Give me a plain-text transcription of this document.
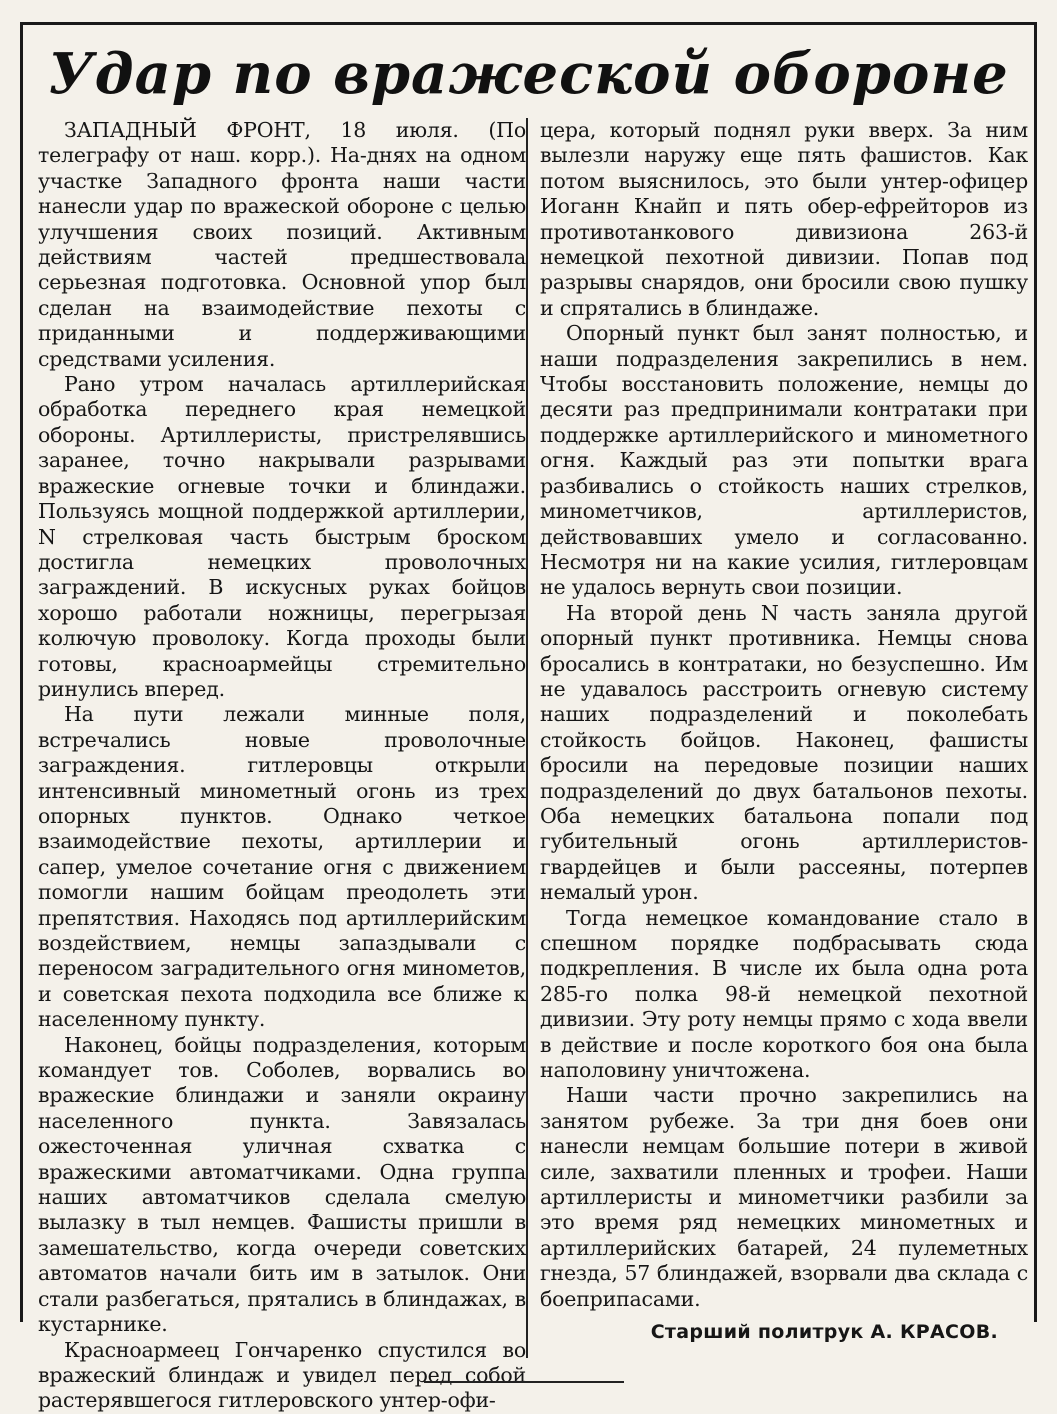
Удар по вражеской обороне

ЗАПАДНЫЙ ФРОНТ, 18 июля. (По телеграфу от наш. корр.). На-днях на одном участке Западного фронта наши части нанесли удар по вражеской обороне с целью улучшения своих позиций. Активным действиям частей предшествовала серьезная подготовка. Основной упор был сделан на взаимодействие пехоты с приданными и поддерживающими средствами усиления.

Рано утром началась артиллерийская обработка переднего края немецкой обороны. Артиллеристы, пристрелявшись заранее, точно накрывали разрывами вражеские огневые точки и блиндажи. Пользуясь мощной поддержкой артиллерии, N стрелковая часть быстрым броском достигла немецких проволочных заграждений. В искусных руках бойцов хорошо работали ножницы, перегрызая колючую проволоку. Когда проходы были готовы, красноармейцы стремительно ринулись вперед.

На пути лежали минные поля, встречались новые проволочные заграждения. гитлеровцы открыли интенсивный минометный огонь из трех опорных пунктов. Однако четкое взаимодействие пехоты, артиллерии и сапер, умелое сочетание огня с движением помогли нашим бойцам преодолеть эти препятствия. Находясь под артиллерийским воздействием, немцы запаздывали с переносом заградительного огня минометов, и советская пехота подходила все ближе к населенному пункту.

Наконец, бойцы подразделения, которым командует тов. Соболев, ворвались во вражеские блиндажи и заняли окраину населенного пункта. Завязалась ожесточенная уличная схватка с вражескими автоматчиками. Одна группа наших автоматчиков сделала смелую вылазку в тыл немцев. Фашисты пришли в замешательство, когда очереди советских автоматов начали бить им в затылок. Они стали разбегаться, прятались в блиндажах, в кустарнике.

Красноармеец Гончаренко спустился во вражеский блиндаж и увидел перед собой растерявшегося гитлеровского унтер-офи-

цера, который поднял руки вверх. За ним вылезли наружу еще пять фашистов. Как потом выяснилось, это были унтер-офицер Иоганн Кнайп и пять обер-ефрейторов из противотанкового дивизиона 263-й немецкой пехотной дивизии. Попав под разрывы снарядов, они бросили свою пушку и спрятались в блиндаже.

Опорный пункт был занят полностью, и наши подразделения закрепились в нем. Чтобы восстановить положение, немцы до десяти раз предпринимали контратаки при поддержке артиллерийского и минометного огня. Каждый раз эти попытки врага разбивались о стойкость наших стрелков, минометчиков, артиллеристов, действовавших умело и согласованно. Несмотря ни на какие усилия, гитлеровцам не удалось вернуть свои позиции.

На второй день N часть заняла другой опорный пункт противника. Немцы снова бросались в контратаки, но безуспешно. Им не удавалось расстроить огневую систему наших подразделений и поколебать стойкость бойцов. Наконец, фашисты бросили на передовые позиции наших подразделений до двух батальонов пехоты. Оба немецких батальона попали под губительный огонь артиллеристов-гвардейцев и были рассеяны, потерпев немалый урон.

Тогда немецкое командование стало в спешном порядке подбрасывать сюда подкрепления. В числе их была одна рота 285-го полка 98-й немецкой пехотной дивизии. Эту роту немцы прямо с хода ввели в действие и после короткого боя она была наполовину уничтожена.

Наши части прочно закрепились на занятом рубеже. За три дня боев они нанесли немцам большие потери в живой силе, захватили пленных и трофеи. Наши артиллеристы и минометчики разбили за это время ряд немецких минометных и артиллерийских батарей, 24 пулеметных гнезда, 57 блиндажей, взорвали два склада с боеприпасами.

Старший политрук А. КРАСОВ.
